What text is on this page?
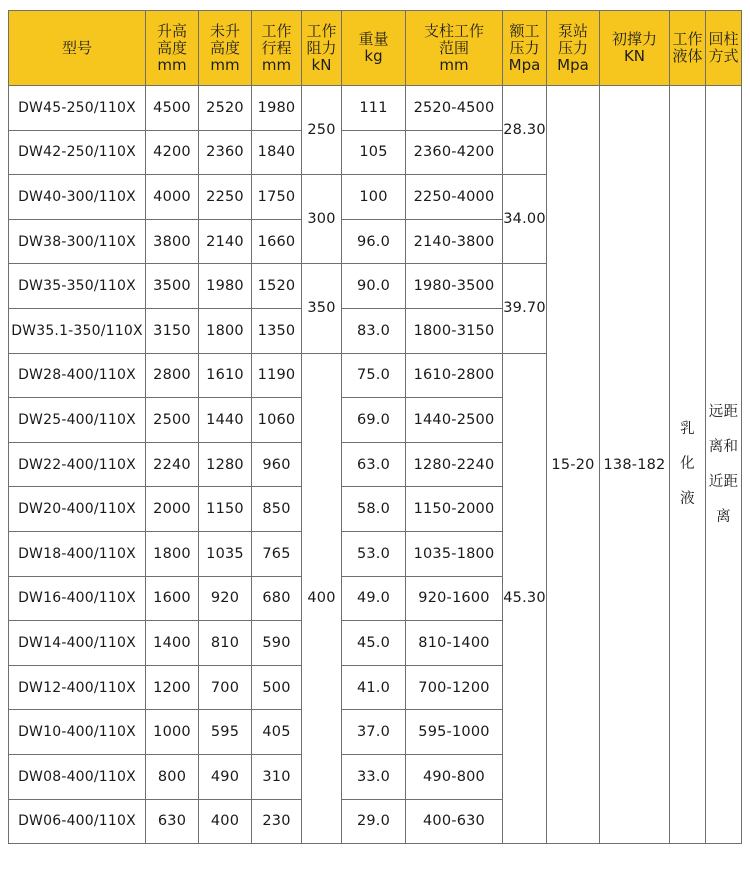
型号	升高
高度
mm	未升
高度
mm	工作
行程
mm	工作
阻力
kN	重量
kg	支柱工作
范围
mm	额工
压力
Mpa	泵站
压力
Mpa	初撑力
KN	工作
液体	回柱
方式

DW45-250/110X	4500	2520	1980	250	111	2520-4500	28.30	15-20	138-182	乳
化
液	远距
离和
近距
离

DW42-250/110X	4200	2360	1840		105	2360-4200					
DW40-300/110X	4000	2250	1750	300	100	2250-4000	34.00				
DW38-300/110X	3800	2140	1660		96.0	2140-3800					
DW35-350/110X	3500	1980	1520	350	90.0	1980-3500	39.70				
DW35.1-350/110X	3150	1800	1350		83.0	1800-3150					
DW28-400/110X	2800	1610	1190	400	75.0	1610-2800	45.30				
DW25-400/110X	2500	1440	1060		69.0	1440-2500					
DW22-400/110X	2240	1280	960		63.0	1280-2240					
DW20-400/110X	2000	1150	850		58.0	1150-2000					
DW18-400/110X	1800	1035	765		53.0	1035-1800					
DW16-400/110X	1600	920	680		49.0	920-1600					
DW14-400/110X	1400	810	590		45.0	810-1400					
DW12-400/110X	1200	700	500		41.0	700-1200					
DW10-400/110X	1000	595	405		37.0	595-1000					
DW08-400/110X	800	490	310		33.0	490-800					
DW06-400/110X	630	400	230		29.0	400-630					
